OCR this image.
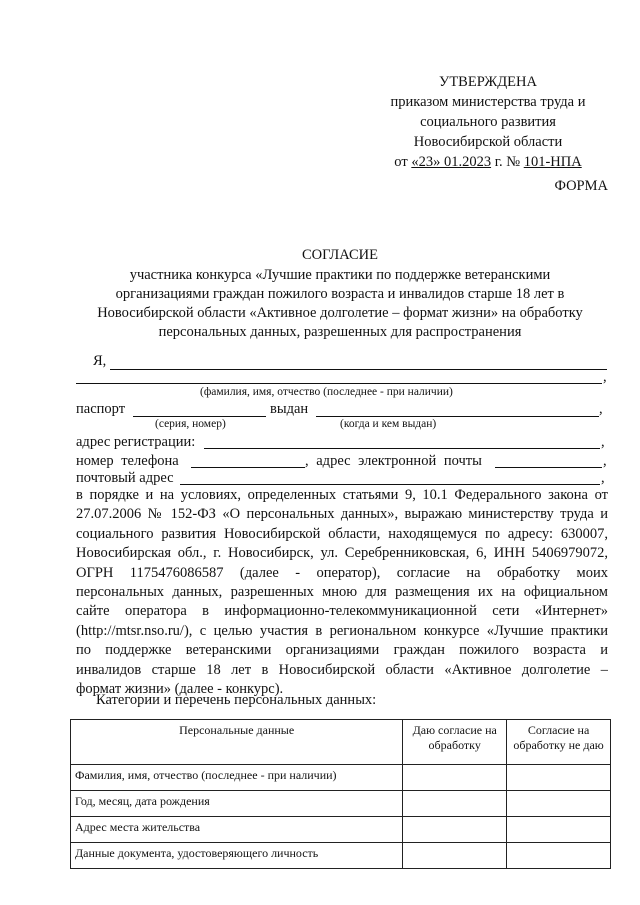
УТВЕРЖДЕНА
приказом министерства труда и
социального развития
Новосибирской области
от «23» 01.2023 г. № 101-НПА
ФОРМА
СОГЛАСИЕ
участника конкурса «Лучшие практики по поддержке ветеранскими
организациями граждан пожилого возраста и инвалидов старше 18 лет в
Новосибирской области «Активное долголетие – формат жизни» на обработку
персональных данных, разрешенных для распространения
Я,
,
(фамилия, имя, отчество (последнее - при наличии)
паспорт	выдан	,
(серия, номер)	(когда и кем выдан)
адрес регистрации:	,
номер телефона	, адрес электронной почты	,
почтовый адрес	,
в порядке и на условиях, определенных статьями 9, 10.1 Федерального закона от
27.07.2006 № 152-ФЗ «О персональных данных», выражаю министерству труда и
социального развития Новосибирской области, находящемуся по адресу: 630007,
Новосибирская обл., г. Новосибирск, ул. Серебренниковская, 6, ИНН 5406979072,
ОГРН 1175476086587 (далее - оператор), согласие на обработку моих
персональных данных, разрешенных мною для размещения их на официальном
сайте оператора в информационно-телекоммуникационной сети «Интернет»
(http://mtsr.nso.ru/), с целью участия в региональном конкурсе «Лучшие практики
по поддержке ветеранскими организациями граждан пожилого возраста и
инвалидов старше 18 лет в Новосибирской области «Активное долголетие –
формат жизни» (далее - конкурс).
Категории и перечень персональных данных:
Персональные данные	Даю согласие на обработку	Согласие на обработку не даю
Фамилия, имя, отчество (последнее - при наличии)		
Год, месяц, дата рождения		
Адрес места жительства		
Данные документа, удостоверяющего личность		
